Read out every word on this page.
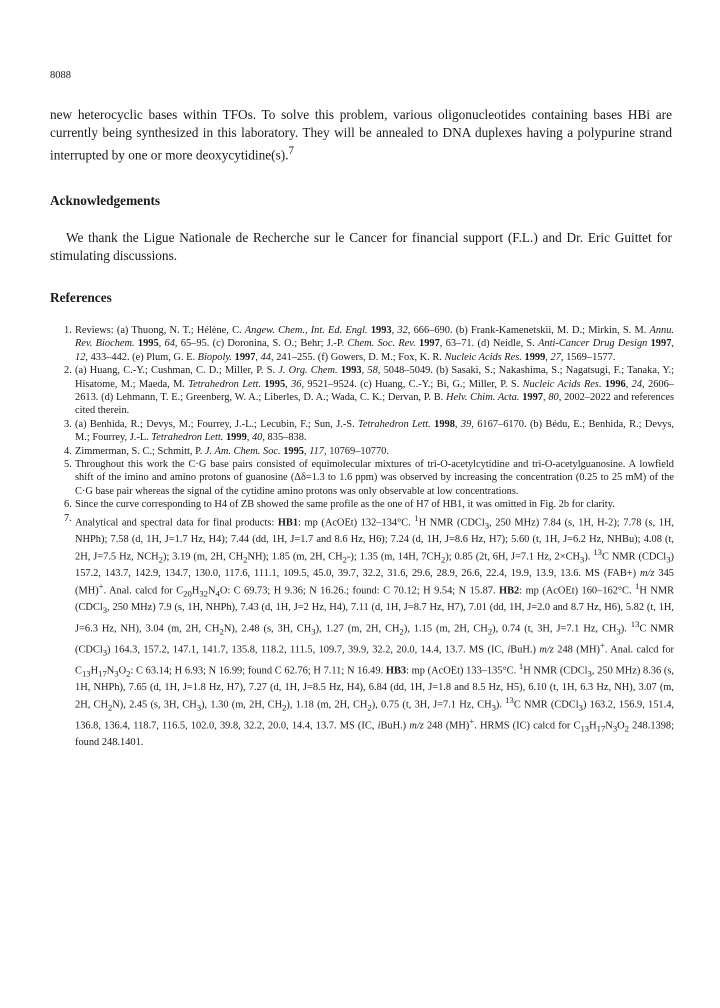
8088

new heterocyclic bases within TFOs. To solve this problem, various oligonucleotides containing bases HBi are currently being synthesized in this laboratory. They will be annealed to DNA duplexes having a polypurine strand interrupted by one or more deoxycytidine(s).$^7$

Acknowledgements

We thank the Ligue Nationale de Recherche sur le Cancer for financial support (F.L.) and Dr. Eric Guittet for stimulating discussions.

References
1. Reviews: (a) Thuong, N. T.; Hélène, C. Angew. Chem., Int. Ed. Engl. 1993, 32, 666–690. (b) Frank-Kamenetskii, M. D.; Mirkin, S. M. Annu. Rev. Biochem. 1995, 64, 65–95. (c) Doronina, S. O.; Behr; J.-P. Chem. Soc. Rev. 1997, 63–71. (d) Neidle, S. Anti-Cancer Drug Design 1997, 12, 433–442. (e) Plum, G. E. Biopoly. 1997, 44, 241–255. (f) Gowers, D. M.; Fox, K. R. Nucleic Acids Res. 1999, 27, 1569–1577.
2. (a) Huang, C.-Y.; Cushman, C. D.; Miller, P. S. J. Org. Chem. 1993, 58, 5048–5049. (b) Sasaki, S.; Nakashima, S.; Nagatsugi, F.; Tanaka, Y.; Hisatome, M.; Maeda, M. Tetrahedron Lett. 1995, 36, 9521–9524. (c) Huang, C.-Y.; Bi, G.; Miller, P. S. Nucleic Acids Res. 1996, 24, 2606–2613. (d) Lehmann, T. E.; Greenberg, W. A.; Liberles, D. A.; Wada, C. K.; Dervan, P. B. Helv. Chim. Acta. 1997, 80, 2002–2022 and references cited therein.
3. (a) Benhida, R.; Devys, M.; Fourrey, J.-L.; Lecubin, F.; Sun, J.-S. Tetrahedron Lett. 1998, 39, 6167–6170. (b) Bédu, E.; Benhida, R.; Devys, M.; Fourrey, J.-L. Tetrahedron Lett. 1999, 40, 835–838.
4. Zimmerman, S. C.; Schmitt, P. J. Am. Chem. Soc. 1995, 117, 10769–10770.
5. Throughout this work the C·G base pairs consisted of equimolecular mixtures of tri-O-acetylcytidine and tri-O-acetylguanosine. A lowfield shift of the imino and amino protons of guanosine (Δδ=1.3 to 1.6 ppm) was observed by increasing the concentration (0.25 to 25 mM) of the C·G base pair whereas the signal of the cytidine amino protons was only observable at low concentrations.
6. Since the curve corresponding to H4 of ZB showed the same profile as the one of H7 of HB1, it was omitted in Fig. 2b for clarity.
7. Analytical and spectral data for final products: HB1: mp (AcOEt) 132–134°C. $^1$H NMR (CDCl$_3$, 250 MHz) 7.84 (s, 1H, H-2); 7.78 (s, 1H, NHPh); 7.58 (d, 1H, J=1.7 Hz, H4); 7.44 (dd, 1H, J=1.7 and 8.6 Hz, H6); 7.24 (d, 1H, J=8.6 Hz, H7); 5.60 (t, 1H, J=6.2 Hz, NHBu); 4.08 (t, 2H, J=7.5 Hz, $NCH_2$); 3.19 (m, 2H, $CH_2NH$); 1.85 (m, 2H, $CH_2-$); 1.35 (m, 14H, $7CH_2$); 0.85 (2t, 6H, J=7.1 Hz, $2\times CH_3$). $^{13}$C NMR (CDCl$_3$) 157.2, 143.7, 142.9, 134.7, 130.0, 117.6, 111.1, 109.5, 45.0, 39.7, 32.2, 31.6, 29.6, 28.9, 26.6, 22.4, 19.9, 13.9, 13.6. MS (FAB+) m/z 345 (MH)+. Anal. calcd for $C_{20}H_{32}N_4O$: C 69.73; H 9.36; N 16.26.; found: C 70.12; H 9.54; N 15.87. HB2: mp (AcOEt) 160–162°C. $^1$H NMR (CDCl$_3$, 250 MHz) 7.9 (s, 1H, NHPh), 7.43 (d, 1H, J=2 Hz, H4), 7.11 (d, 1H, J=8.7 Hz, H7), 7.01 (dd, 1H, J=2.0 and 8.7 Hz, H6), 5.82 (t, 1H, J=6.3 Hz, NH), 3.04 (m, 2H, $CH_2N$), 2.48 (s, 3H, $CH_3$), 1.27 (m, 2H, $CH_2$), 1.15 (m, 2H, $CH_2$), 0.74 (t, 3H, J=7.1 Hz, $CH_3$). $^{13}$C NMR (CDCl$_3$) 164.3, 157.2, 147.1, 141.7, 135.8, 118.2, 111.5, 109.7, 39.9, 32.2, 20.0, 14.4, 13.7. MS (IC, iBuH.) m/z 248 (MH)+. Anal. calcd for $C_{13}H_{17}N_3O_2$: C 63.14; H 6.93; N 16.99; found C 62.76; H 7.11; N 16.49. HB3: mp (AcOEt) 133–135°C. $^1$H NMR (CDCl$_3$, 250 MHz) 8.36 (s, 1H, NHPh), 7.65 (d, 1H, J=1.8 Hz, H7), 7.27 (d, 1H, J=8.5 Hz, H4), 6.84 (dd, 1H, J=1.8 and 8.5 Hz, H5), 6.10 (t, 1H, 6.3 Hz, NH), 3.07 (m, 2H, $CH_2N$), 2.45 (s, 3H, $CH_3$), 1.30 (m, 2H, $CH_2$), 1.18 (m, 2H, $CH_2$), 0.75 (t, 3H, J=7.1 Hz, $CH_3$). $^{13}$C NMR (CDCl$_3$) 163.2, 156.9, 151.4, 136.8, 136.4, 118.7, 116.5, 102.0, 39.8, 32.2, 20.0, 14.4, 13.7. MS (IC, iBuH.) m/z 248 (MH)+. HRMS (IC) calcd for $C_{13}H_{17}N_3O_2$ 248.1398; found 248.1401.
